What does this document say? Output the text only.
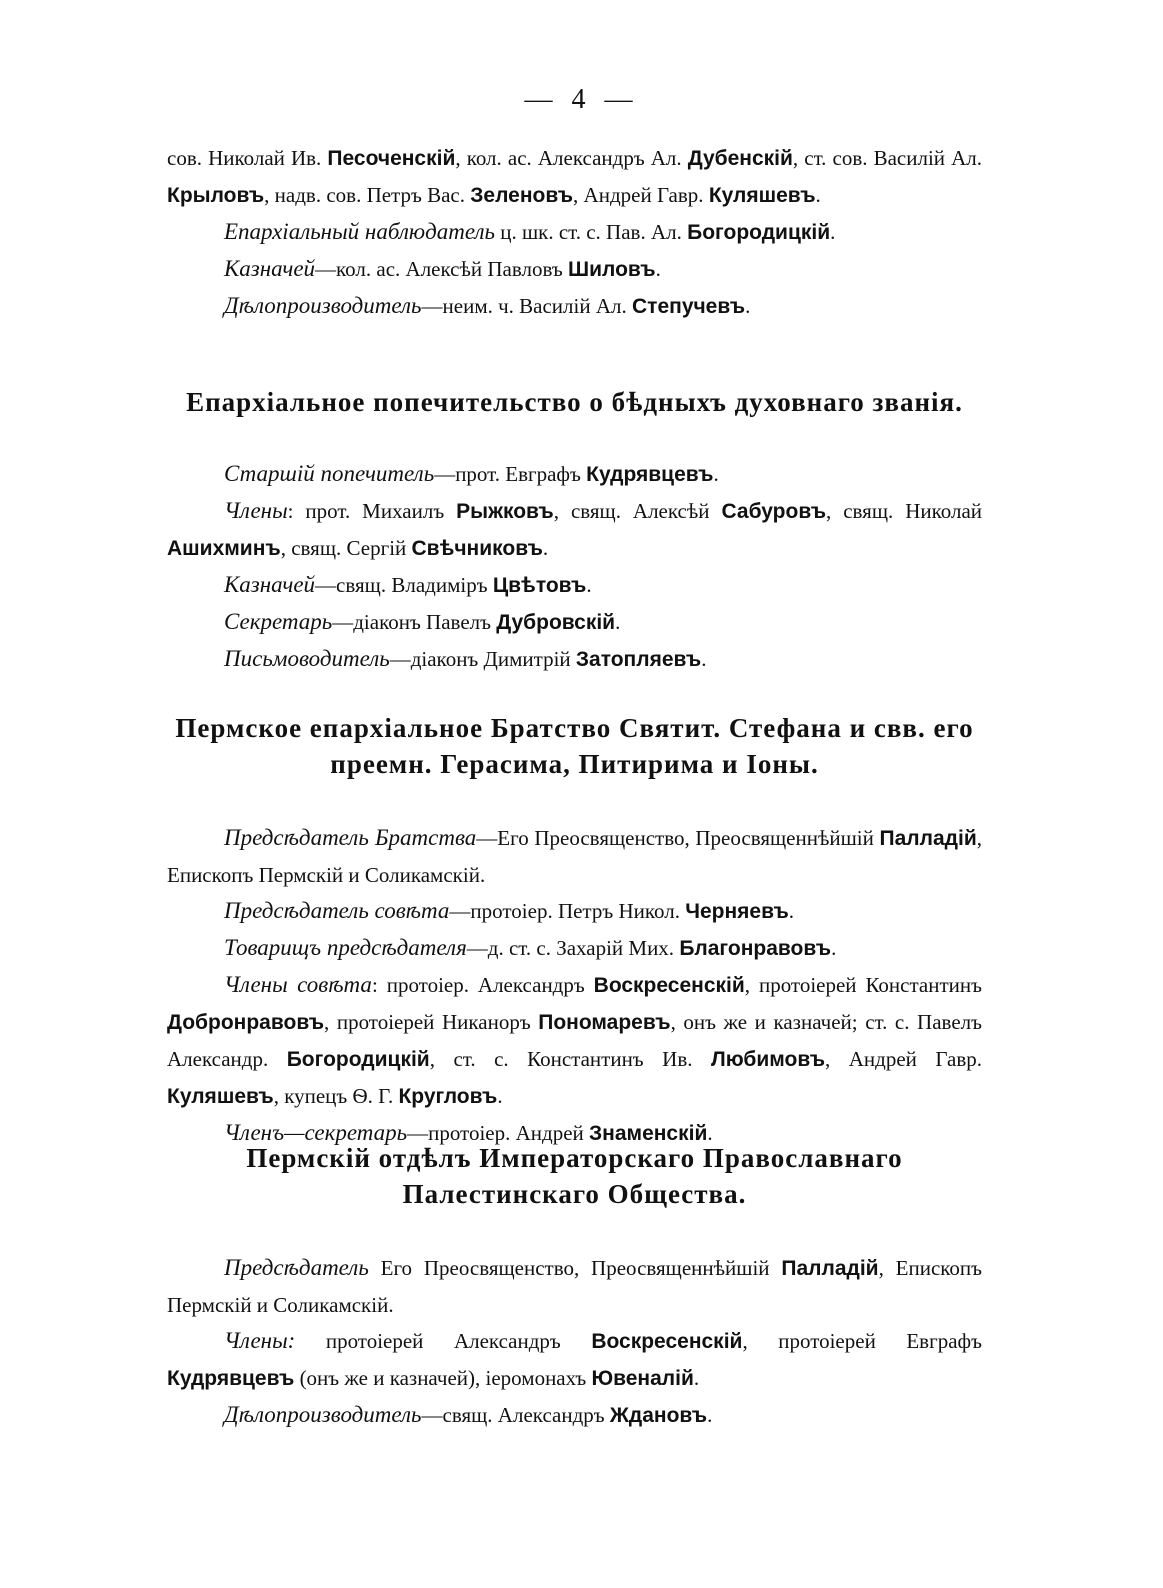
— 4 —

сов. Николай Ив. Песоченскій, кол. ас. Александръ Ал. Дубенскій, ст. сов. Василій Ал. Крыловъ, надв. сов. Петръ Вас. Зеленовъ, Андрей Гавр. Куляшевъ.

Епархіальный наблюдатель ц. шк. ст. с. Пав. Ал. Богородицкій.

Казначей—кол. ас. Алексѣй Павловъ Шиловъ.

Дѣлопроизводитель—неим. ч. Василій Ал. Степучевъ.

Епархіальное попечительство о бѣдныхъ духовнаго званія.

Старшій попечитель—прот. Евграфъ Кудрявцевъ.

Члены: прот. Михаилъ Рыжковъ, свящ. Алексѣй Сабуровъ, свящ. Николай Ашихминъ, свящ. Сергій Свѣчниковъ.

Казначей—свящ. Владиміръ Цвѣтовъ.

Секретарь—діаконъ Павелъ Дубровскій.

Письмоводитель—діаконъ Димитрій Затопляевъ.

Пермское епархіальное Братство Святит. Стефана и свв. его преемн. Герасима, Питирима и Іоны.

Предсѣдатель Братства—Его Преосвященство, Преосвященнѣйшій Палладій, Епископъ Пермскій и Соликамскій.

Предсѣдатель совѣта—протоіер. Петръ Никол. Черняевъ.

Товарищъ предсѣдателя—д. ст. с. Захарій Мих. Благонравовъ.

Члены совѣта: протоіер. Александръ Воскресенскій, протоіерей Константинъ Добронравовъ, протоіерей Никаноръ Пономаревъ, онъ же и казначей; ст. с. Павелъ Александр. Богородицкій, ст. с. Константинъ Ив. Любимовъ, Андрей Гавр. Куляшевъ, купецъ Ѳ. Г. Кругловъ.

Членъ—секретарь—протоіер. Андрей Знаменскій.

Пермскій отдѣлъ Императорскаго Православнаго Палестинскаго Общества.

Предсѣдатель Его Преосвященство, Преосвященнѣйшій Палладій, Епископъ Пермскій и Соликамскій.

Члены: протоіерей Александръ Воскресенскій, протоіерей Евграфъ Кудрявцевъ (онъ же и казначей), іеромонахъ Ювеналій.

Дѣлопроизводитель—свящ. Александръ Ждановъ.
